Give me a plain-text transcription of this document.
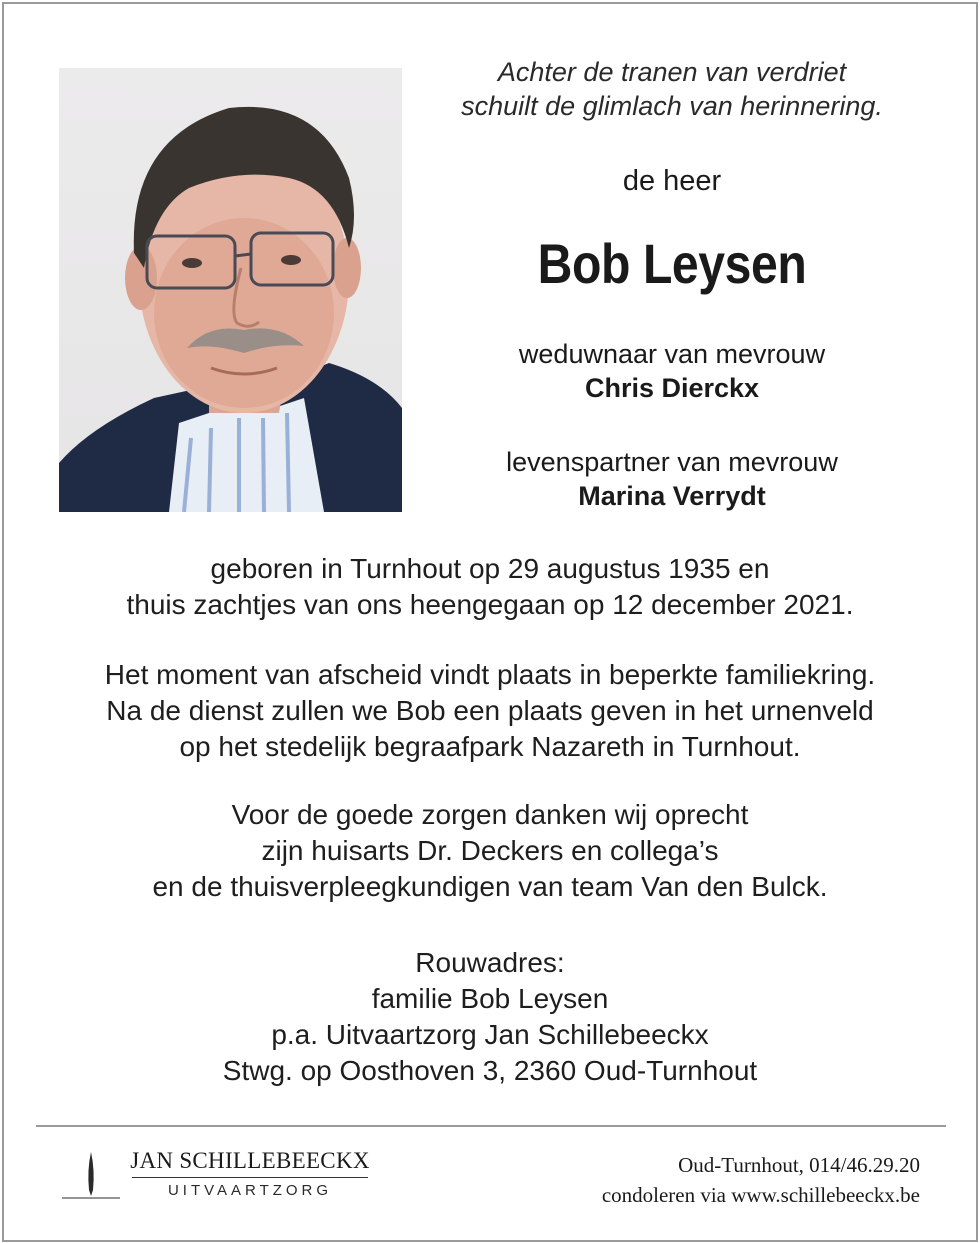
Achter de tranen van verdriet
schuilt de glimlach van herinnering.
de heer
Bob Leysen
weduwnaar van mevrouw
Chris Dierckx
levenspartner van mevrouw
Marina Verrydt
geboren in Turnhout op 29 augustus 1935 en
thuis zachtjes van ons heengegaan op 12 december 2021.
Het moment van afscheid vindt plaats in beperkte familiekring.
Na de dienst zullen we Bob een plaats geven in het urnenveld
op het stedelijk begraafpark Nazareth in Turnhout.
Voor de goede zorgen danken wij oprecht
zijn huisarts Dr. Deckers en collega’s
en de thuisverpleegkundigen van team Van den Bulck.
Rouwadres:
familie Bob Leysen
p.a. Uitvaartzorg Jan Schillebeeckx
Stwg. op Oosthoven 3, 2360 Oud-Turnhout
JAN SCHILLEBEECKX
UITVAARTZORG
Oud-Turnhout, 014/46.29.20
condoleren via www.schillebeeckx.be
